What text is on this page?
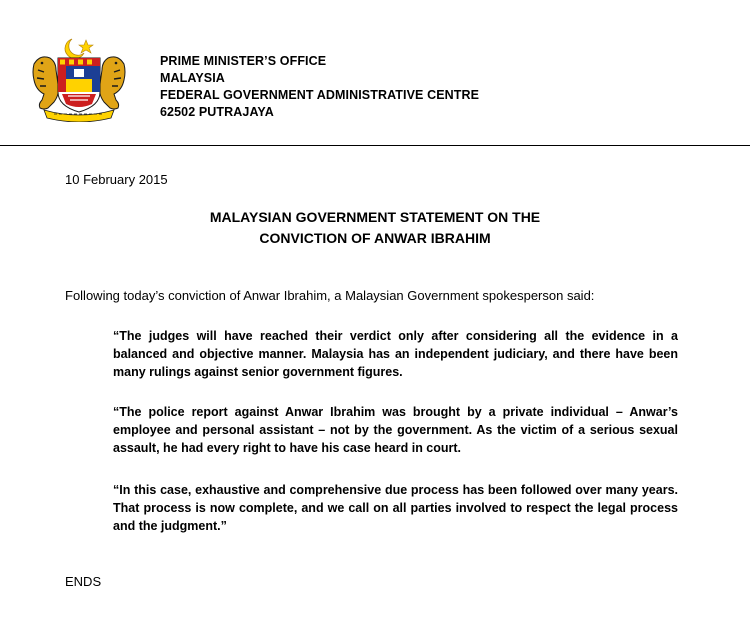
PRIME MINISTER’S OFFICE
MALAYSIA
FEDERAL GOVERNMENT ADMINISTRATIVE CENTRE
62502 PUTRAJAYA
10 February 2015
MALAYSIAN GOVERNMENT STATEMENT ON THE
CONVICTION OF ANWAR IBRAHIM
Following today’s conviction of Anwar Ibrahim, a Malaysian Government spokesperson said:
“The judges will have reached their verdict only after considering all the evidence in a balanced and objective manner. Malaysia has an independent judiciary, and there have been many rulings against senior government figures.
“The police report against Anwar Ibrahim was brought by a private individual – Anwar’s employee and personal assistant – not by the government. As the victim of a serious sexual assault, he had every right to have his case heard in court.
“In this case, exhaustive and comprehensive due process has been followed over many years. That process is now complete, and we call on all parties involved to respect the legal process and the judgment.”
ENDS
